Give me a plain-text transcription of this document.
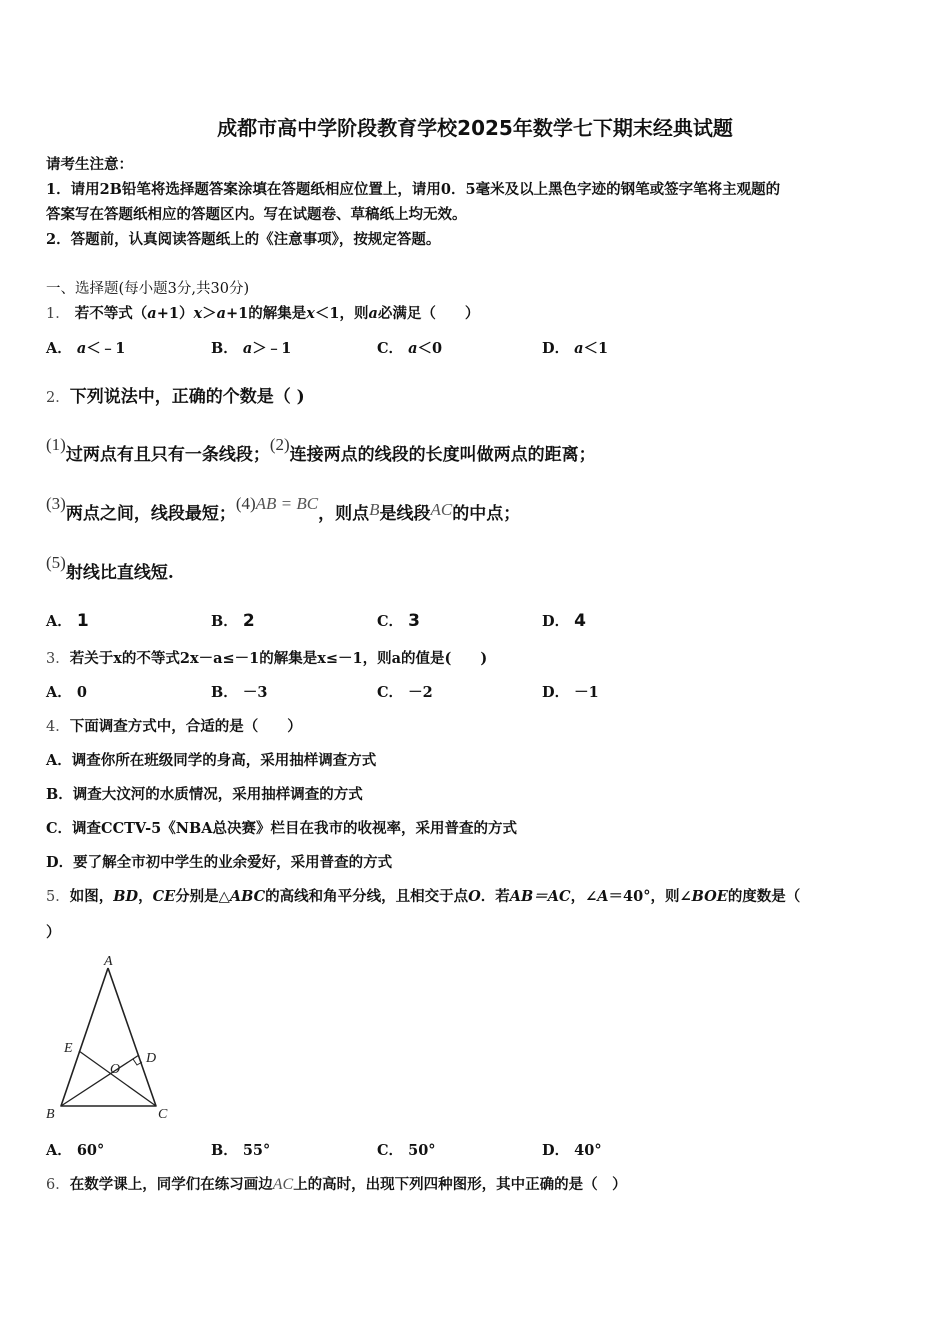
成都市高中学阶段教育学校2025年数学七下期末经典试题
请考生注意：
1．请用2B铅笔将选择题答案涂填在答题纸相应位置上，请用0．5毫米及以上黑色字迹的钢笔或签字笔将主观题的
答案写在答题纸相应的答题区内。写在试题卷、草稿纸上均无效。
2．答题前，认真阅读答题纸上的《注意事项》，按规定答题。
一、选择题(每小题3分,共30分)
1． 若不等式（a+1）x＞a+1的解集是x＜1，则a必满足（　　）
A． a＜﹣1	B． a＞﹣1	C． a＜0	D． a＜1
2．下列说法中，正确的个数是（ )
(1)过两点有且只有一条线段；(2)连接两点的线段的长度叫做两点的距离；
(3)两点之间，线段最短；(4)AB = BC，则点B是线段AC的中点；
(5)射线比直线短.
A． 1	B． 2	C． 3	D． 4
3．若关于x的不等式2x－a≤－1的解集是x≤－1，则a的值是(　　)
A． 0	B． －3	C． －2	D． －1
4．下面调查方式中，合适的是（　　）
A．调查你所在班级同学的身高，采用抽样调查方式
B．调查大汶河的水质情况，采用抽样调查的方式
C．调查CCTV-5《NBA总决赛》栏目在我市的收视率，采用普查的方式
D．要了解全市初中学生的业余爱好，采用普查的方式
5．如图，BD，CE分别是△ABC的高线和角平分线，且相交于点O．若AB＝AC，∠A＝40°，则∠BOE的度数是（
）
A
B	C
D
E
O
A． 60°	B． 55°	C． 50°	D． 40°
6．在数学课上，同学们在练习画边AC上的高时，出现下列四种图形，其中正确的是（　）
